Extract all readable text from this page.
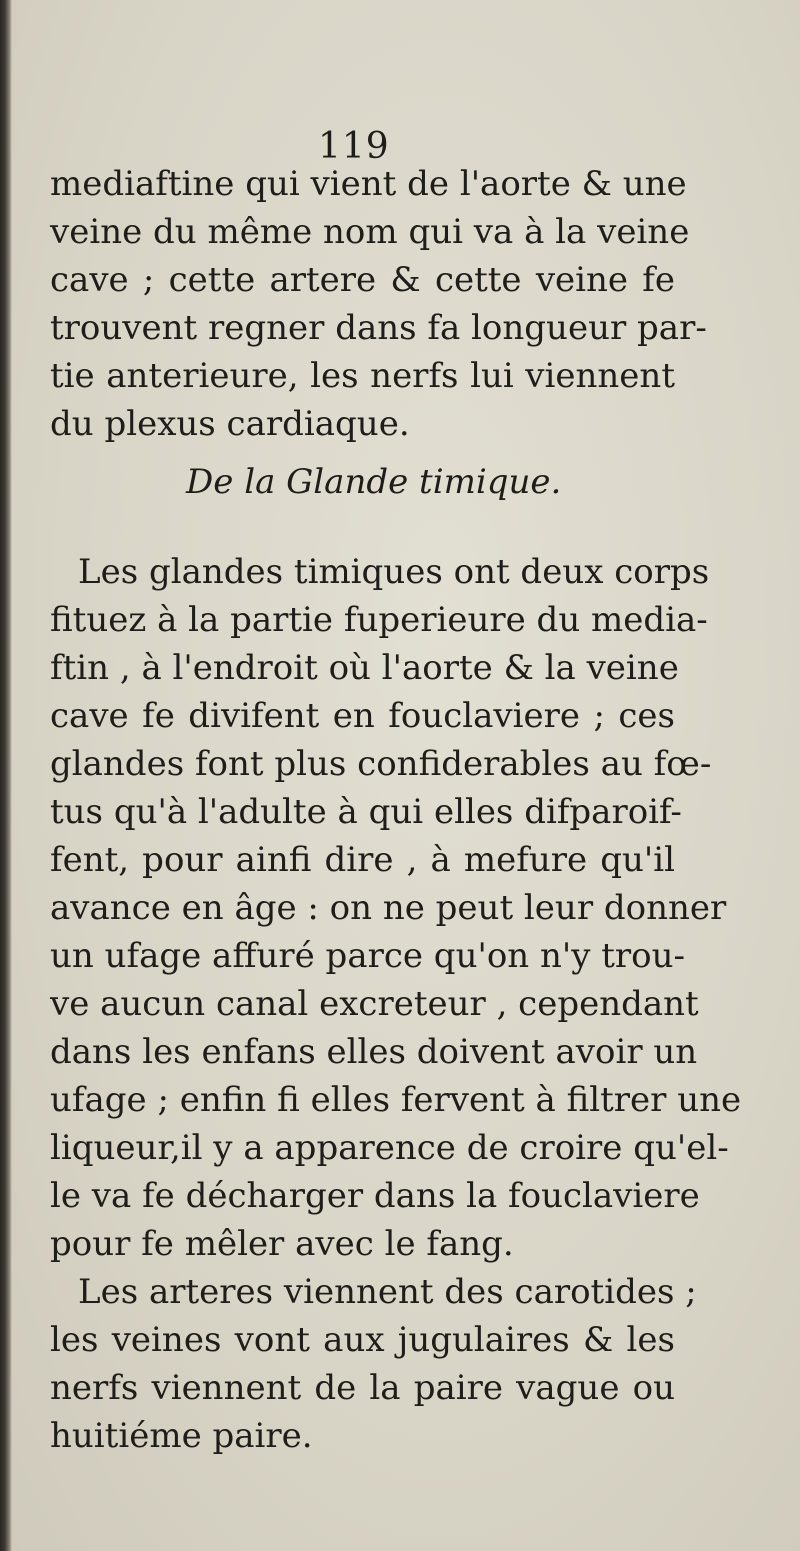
119
mediaftine qui vient de l'aorte & une
veine du même nom qui va à la veine
cave ; cette artere & cette veine fe
trouvent regner dans fa longueur par-
tie anterieure, les nerfs lui viennent
du plexus cardiaque.
De la Glande timique.
Les glandes timiques ont deux corps
fituez à la partie fuperieure du media-
ftin , à l'endroit où l'aorte & la veine
cave fe divifent en fouclaviere ; ces
glandes font plus confiderables au fœ-
tus qu'à l'adulte à qui elles difparoif-
fent, pour ainfi dire , à mefure qu'il
avance en âge : on ne peut leur donner
un ufage affuré parce qu'on n'y trou-
ve aucun canal excreteur , cependant
dans les enfans elles doivent avoir un
ufage ; enfin fi elles fervent à filtrer une
liqueur,il y a apparence de croire qu'el-
le va fe décharger dans la fouclaviere
pour fe mêler avec le fang.
Les arteres viennent des carotides ;
les veines vont aux jugulaires & les
nerfs viennent de la paire vague ou
huitiéme paire.
